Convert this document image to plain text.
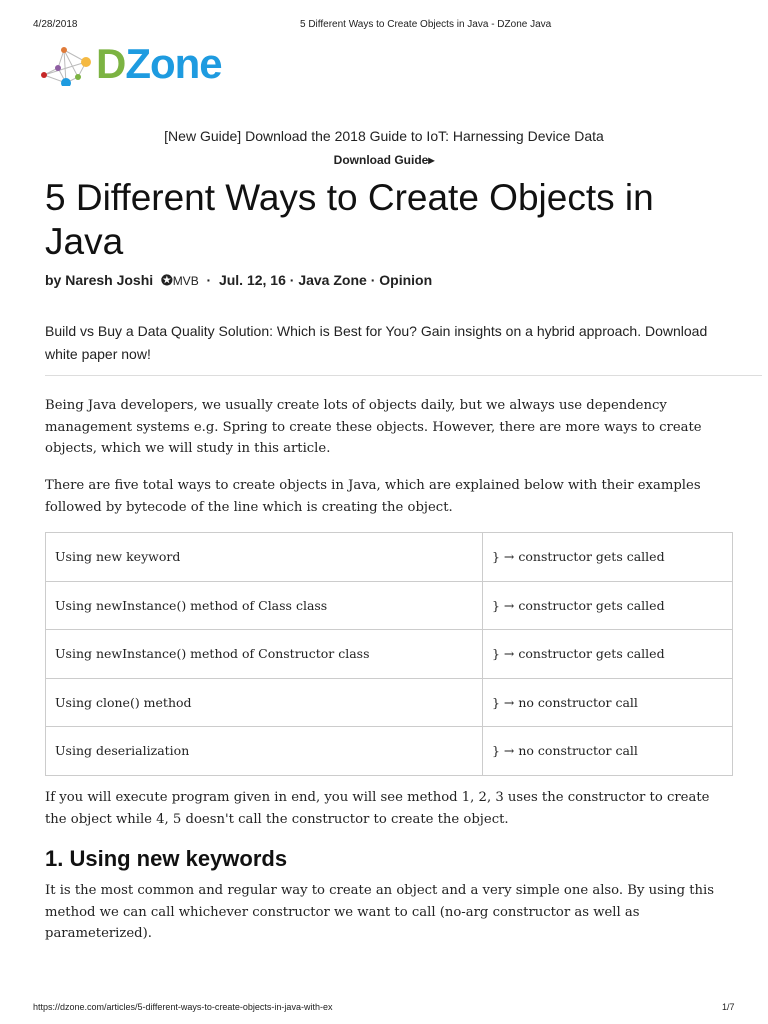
4/28/2018	5 Different Ways to Create Objects in Java - DZone Java
DZone
[New Guide] Download the 2018 Guide to IoT: Harnessing Device Data
Download Guide▸
5 Different Ways to Create Objects in Java
by Naresh Joshi ✪MVB  ·  Jul. 12, 16 · Java Zone · Opinion
Build vs Buy a Data Quality Solution: Which is Best for You? Gain insights on a hybrid approach. Download white paper now!
Being Java developers, we usually create lots of objects daily, but we always use dependency management systems e.g. Spring to create these objects. However, there are more ways to create objects, which we will study in this article.
There are five total ways to create objects in Java, which are explained below with their examples followed by bytecode of the line which is creating the object.
Using new keyword	} → constructor gets called
Using newInstance() method of Class class	} → constructor gets called
Using newInstance() method of Constructor class	} → constructor gets called
Using clone() method	} → no constructor call
Using deserialization	} → no constructor call
If you will execute program given in end, you will see method 1, 2, 3 uses the constructor to create the object while 4, 5 doesn't call the constructor to create the object.
1. Using new keywords
It is the most common and regular way to create an object and a very simple one also. By using this method we can call whichever constructor we want to call (no-arg constructor as well as parameterized).
https://dzone.com/articles/5-different-ways-to-create-objects-in-java-with-ex	1/7
